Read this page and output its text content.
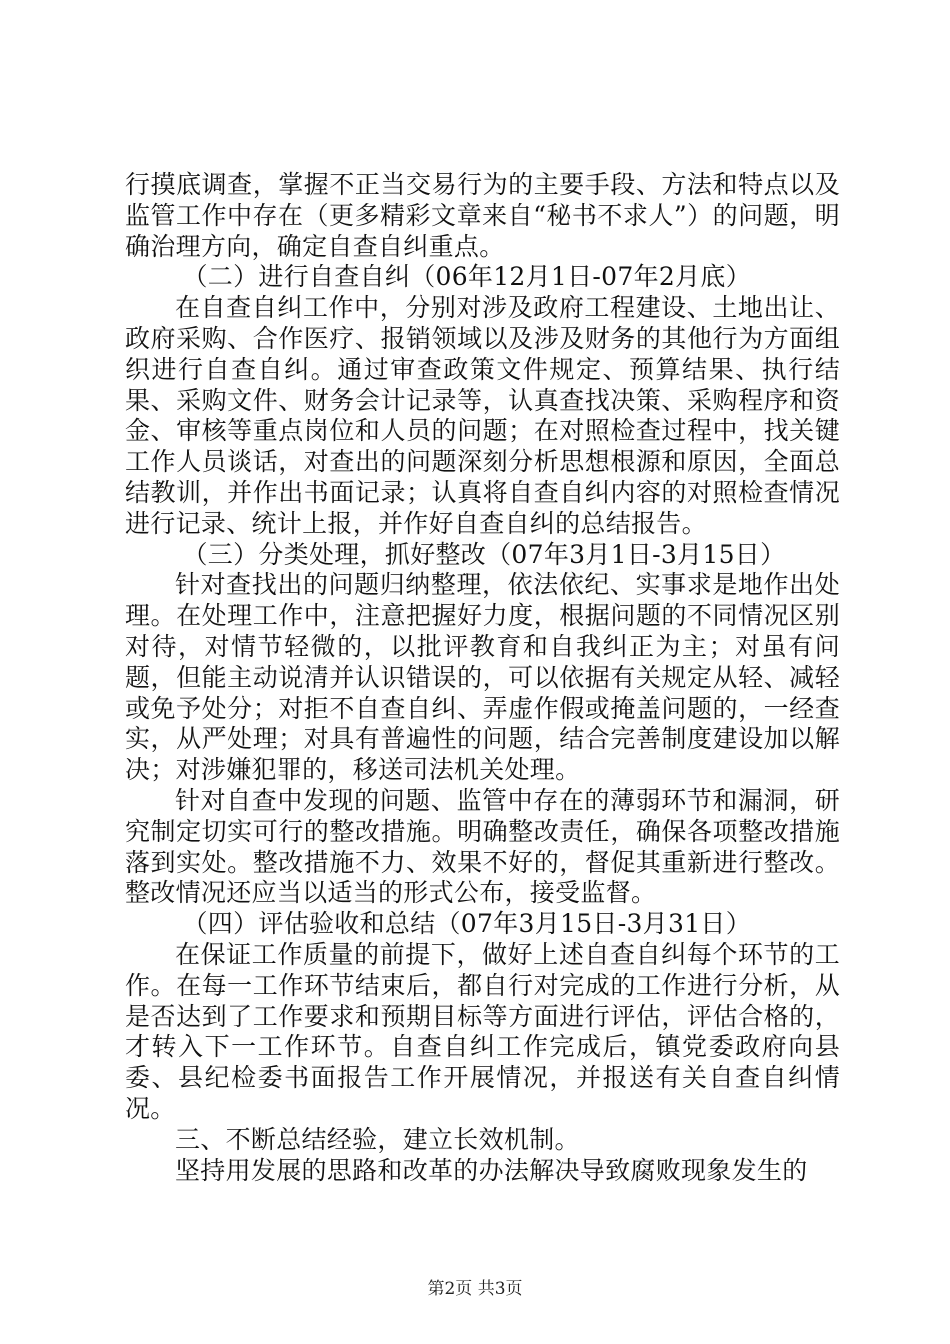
行摸底调查，掌握不正当交易行为的主要手段、方法和特点以及监管工作中存在（更多精彩文章来自“秘书不求人”）的问题，明确治理方向，确定自查自纠重点。

（二）进行自查自纠（06年12月1日-07年2月底）

在自查自纠工作中，分别对涉及政府工程建设、土地出让、政府采购、合作医疗、报销领域以及涉及财务的其他行为方面组织进行自查自纠。通过审查政策文件规定、预算结果、执行结果、采购文件、财务会计记录等，认真查找决策、采购程序和资金、审核等重点岗位和人员的问题；在对照检查过程中，找关键工作人员谈话，对查出的问题深刻分析思想根源和原因，全面总结教训，并作出书面记录；认真将自查自纠内容的对照检查情况进行记录、统计上报，并作好自查自纠的总结报告。

（三）分类处理，抓好整改（07年3月1日-3月15日）

针对查找出的问题归纳整理，依法依纪、实事求是地作出处理。在处理工作中，注意把握好力度，根据问题的不同情况区别对待，对情节轻微的，以批评教育和自我纠正为主；对虽有问题，但能主动说清并认识错误的，可以依据有关规定从轻、减轻或免予处分；对拒不自查自纠、弄虚作假或掩盖问题的，一经查实，从严处理；对具有普遍性的问题，结合完善制度建设加以解决；对涉嫌犯罪的，移送司法机关处理。

针对自查中发现的问题、监管中存在的薄弱环节和漏洞，研究制定切实可行的整改措施。明确整改责任，确保各项整改措施落到实处。整改措施不力、效果不好的，督促其重新进行整改。整改情况还应当以适当的形式公布，接受监督。

（四）评估验收和总结（07年3月15日-3月31日）

在保证工作质量的前提下，做好上述自查自纠每个环节的工作。在每一工作环节结束后，都自行对完成的工作进行分析，从是否达到了工作要求和预期目标等方面进行评估，评估合格的，才转入下一工作环节。自查自纠工作完成后，镇党委政府向县委、县纪检委书面报告工作开展情况，并报送有关自查自纠情况。

三、不断总结经验，建立长效机制。

坚持用发展的思路和改革的办法解决导致腐败现象发生的

第2页 共3页
